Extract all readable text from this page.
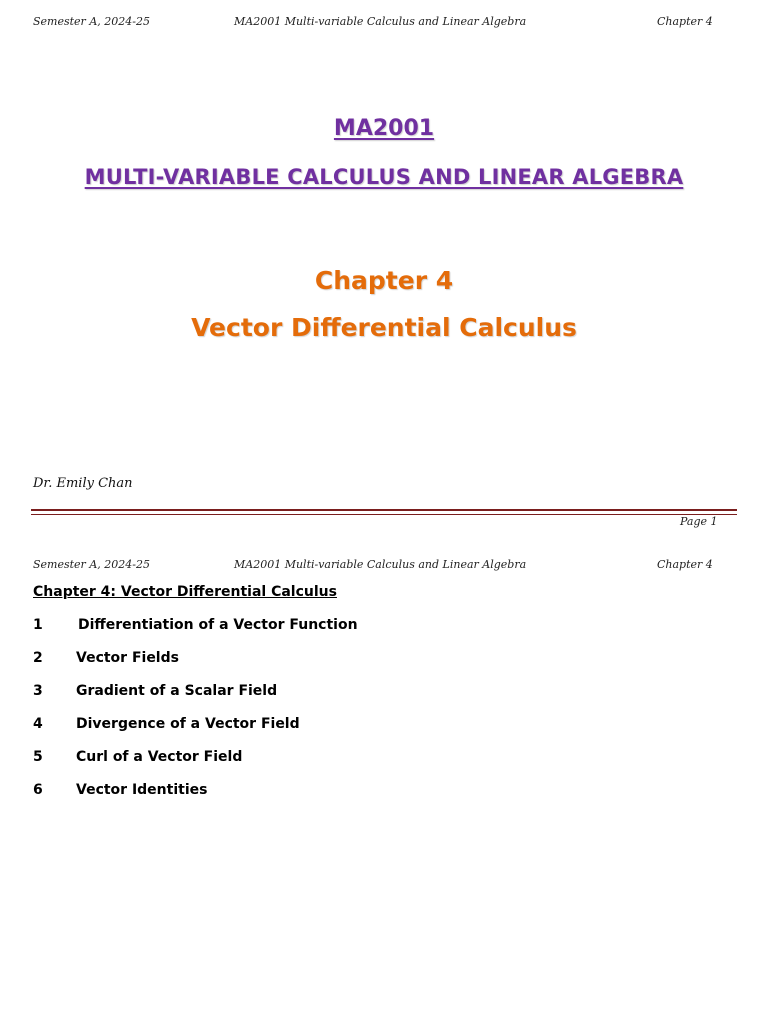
Semester A, 2024-25	MA2001 Multi-variable Calculus and Linear Algebra	Chapter 4
MA2001
MULTI-VARIABLE CALCULUS AND LINEAR ALGEBRA
Chapter 4
Vector Differential Calculus
Dr. Emily Chan
Page 1
Semester A, 2024-25	MA2001 Multi-variable Calculus and Linear Algebra	Chapter 4
Chapter 4: Vector Differential Calculus
1	Differentiation of a Vector Function
2 Vector Fields
3 Gradient of a Scalar Field
4 Divergence of a Vector Field
5 Curl of a Vector Field
6 Vector Identities
